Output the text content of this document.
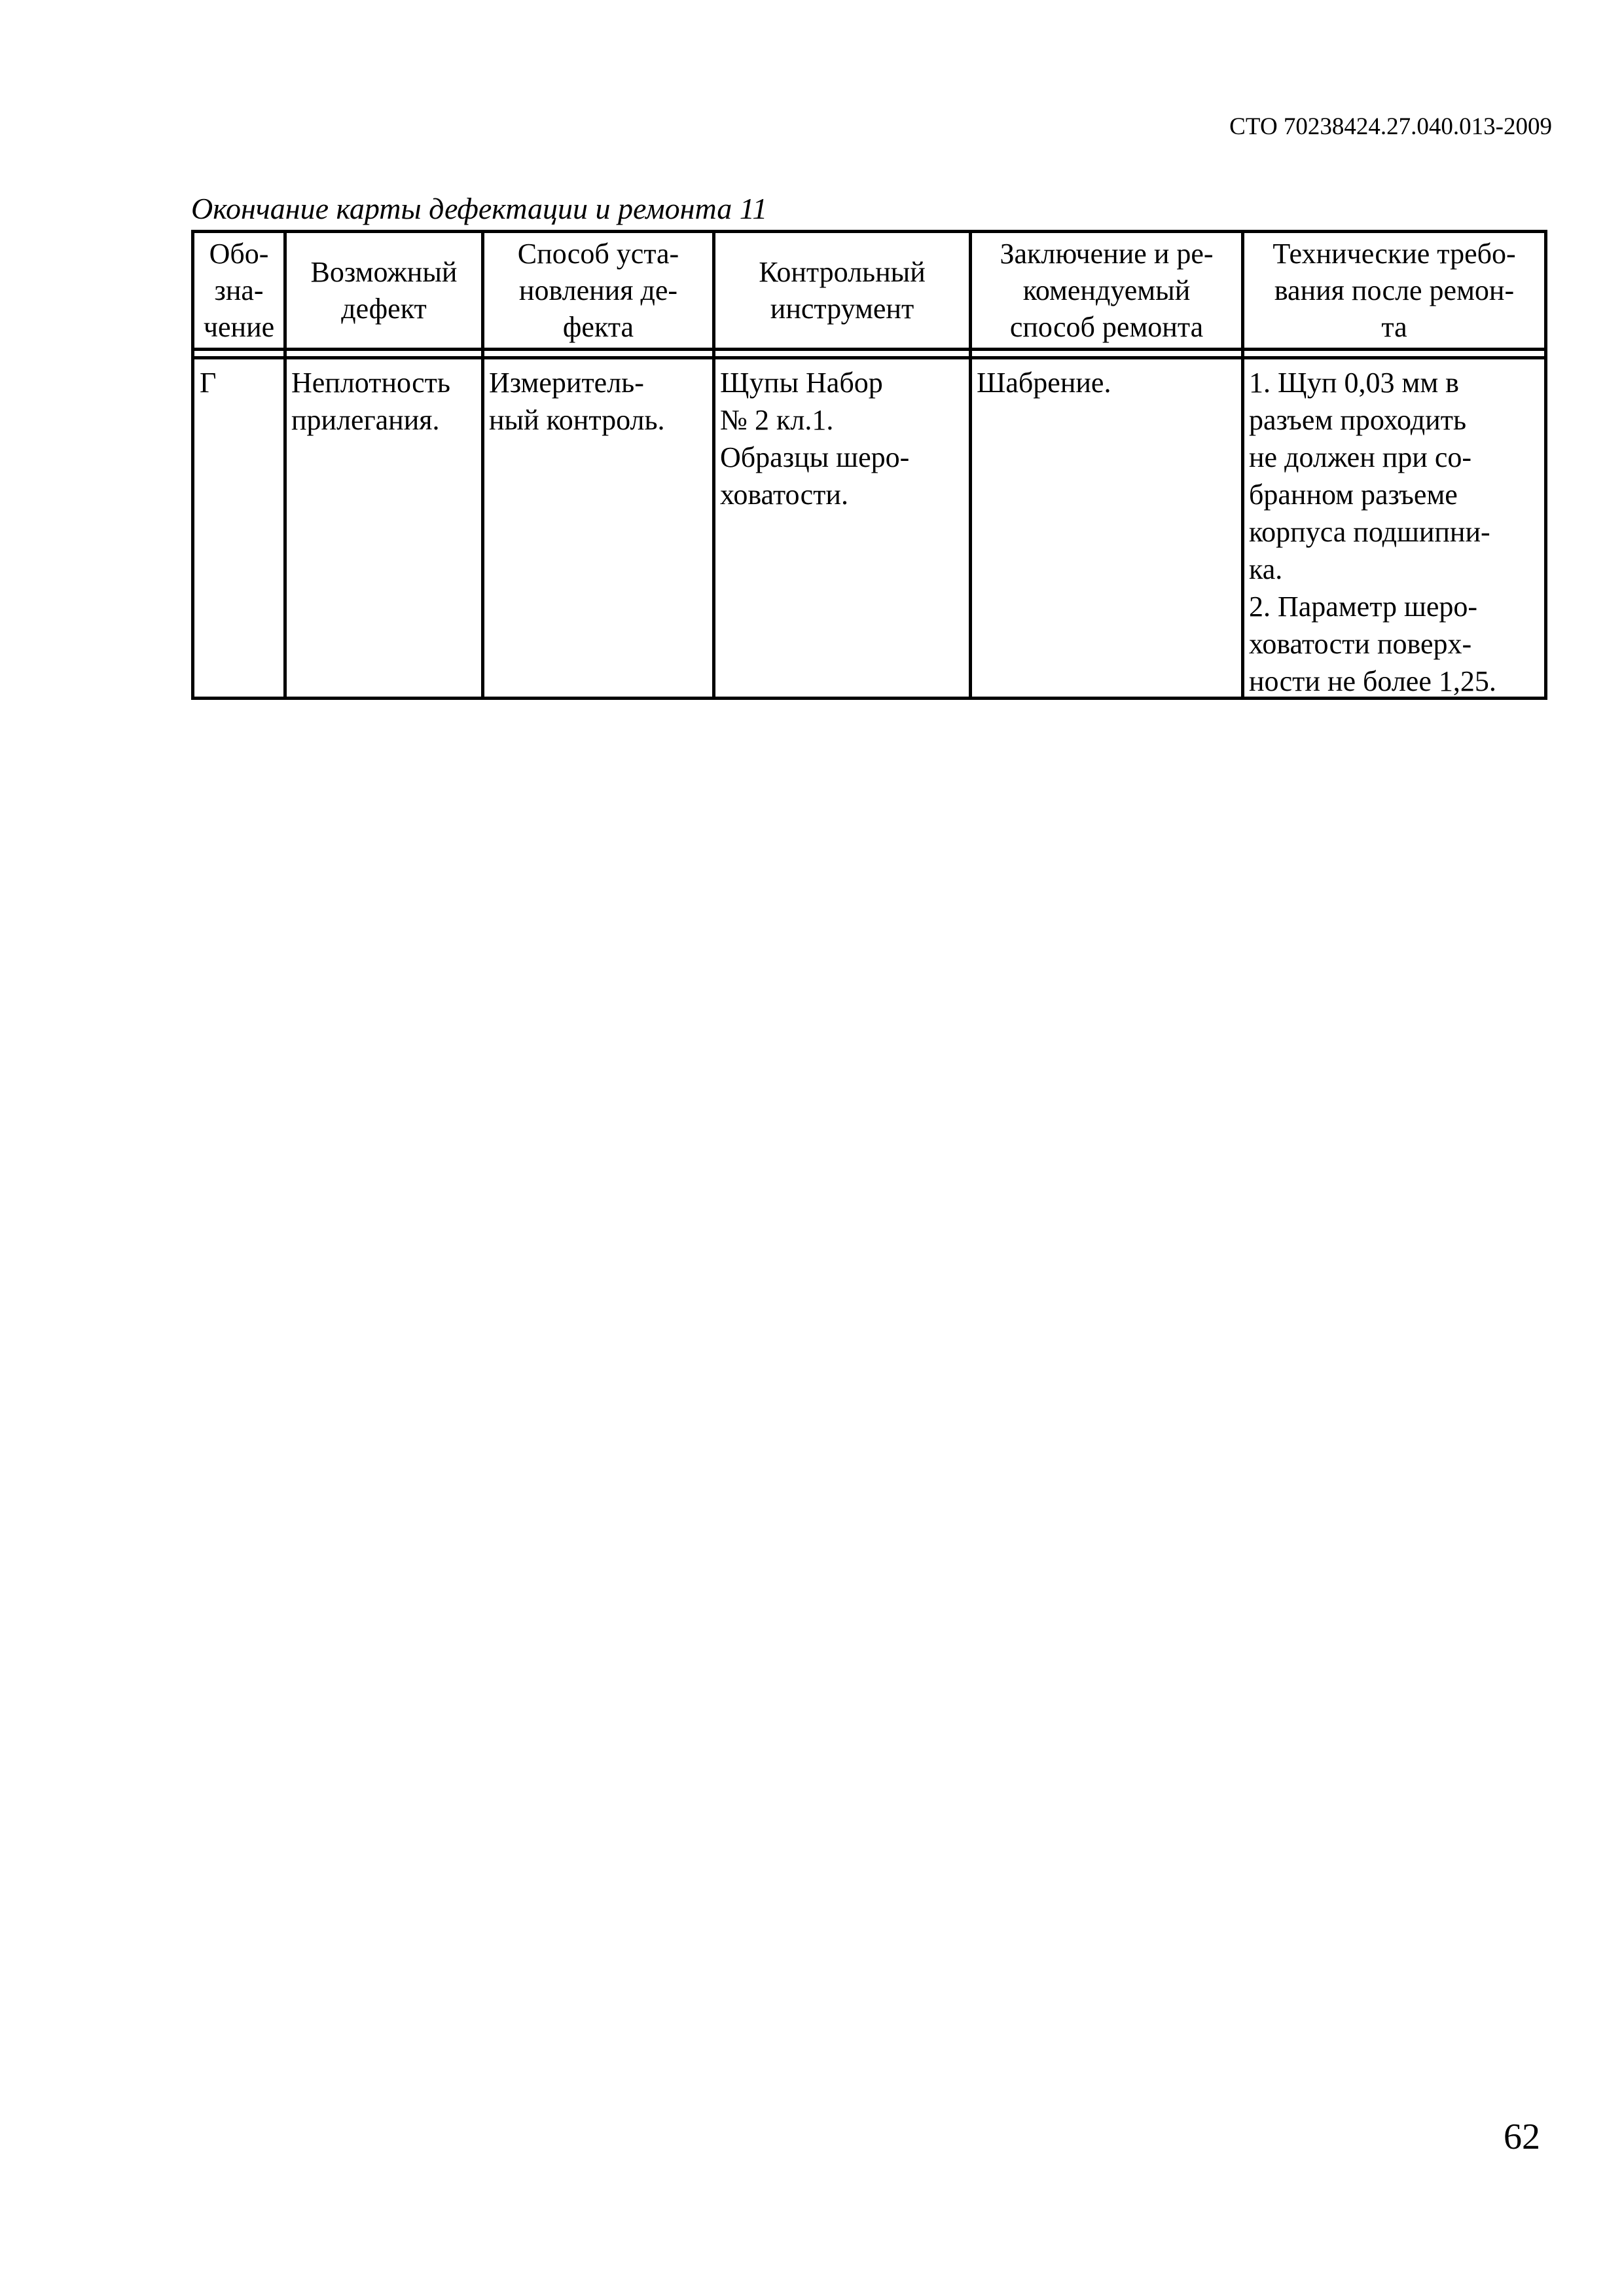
СТО 70238424.27.040.013-2009
Окончание карты дефектации и ремонта 11
Обо-
зна-
чение
Возможный
дефект
Способ уста-
новления де-
фекта
Контрольный
инструмент
Заключение и ре-
комендуемый
способ ремонта
Технические требо-
вания после ремон-
та
Г	Неплотность
прилегания.
Измеритель-
ный контроль.
Щупы Набор
№ 2 кл.1.
Образцы шеро-
ховатости.
Шабрение.	1. Щуп 0,03 мм в
разъем проходить
не должен при со-
бранном разъеме
корпуса подшипни-
ка.
2. Параметр шеро-
ховатости поверх-
ности не более 1,25.
62
